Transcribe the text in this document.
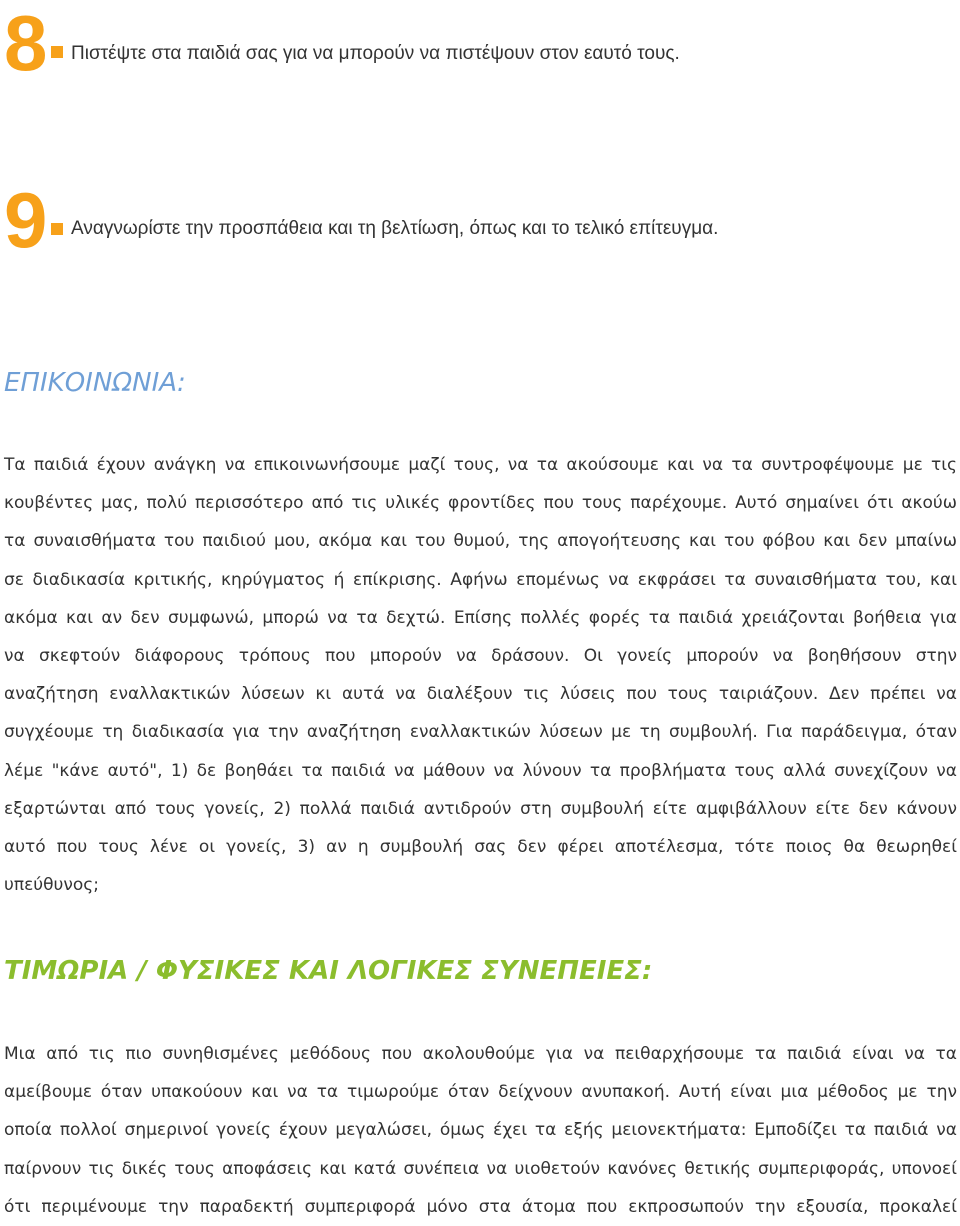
8 Πιστέψτε στα παιδιά σας για να μπορούν να πιστέψουν στον εαυτό τους.
9 Αναγνωρίστε την προσπάθεια και τη βελτίωση, όπως και το τελικό επίτευγμα.
ΕΠΙΚΟΙΝΩΝΙΑ:
Τα παιδιά έχουν ανάγκη να επικοινωνήσουμε μαζί τους, να τα ακούσουμε και να τα συντροφέψουμε με τις
κουβέντες μας, πολύ περισσότερο από τις υλικές φροντίδες που τους παρέχουμε. Αυτό σημαίνει ότι ακούω
τα συναισθήματα του παιδιού μου, ακόμα και του θυμού, της απογοήτευσης και του φόβου και δεν μπαίνω
σε διαδικασία κριτικής, κηρύγματος ή επίκρισης. Αφήνω επομένως να εκφράσει τα συναισθήματα του, και
ακόμα και αν δεν συμφωνώ, μπορώ να τα δεχτώ. Επίσης πολλές φορές τα παιδιά χρειάζονται βοήθεια για
να σκεφτούν διάφορους τρόπους που μπορούν να δράσουν. Οι γονείς μπορούν να βοηθήσουν στην
αναζήτηση εναλλακτικών λύσεων κι αυτά να διαλέξουν τις λύσεις που τους ταιριάζουν. Δεν πρέπει να
συγχέουμε τη διαδικασία για την αναζήτηση εναλλακτικών λύσεων με τη συμβουλή. Για παράδειγμα, όταν
λέμε "κάνε αυτό", 1) δε βοηθάει τα παιδιά να μάθουν να λύνουν τα προβλήματα τους αλλά συνεχίζουν να
εξαρτώνται από τους γονείς, 2) πολλά παιδιά αντιδρούν στη συμβουλή είτε αμφιβάλλουν είτε δεν κάνουν
αυτό που τους λένε οι γονείς, 3) αν η συμβουλή σας δεν φέρει αποτέλεσμα, τότε ποιος θα θεωρηθεί
υπεύθυνος;
ΤΙΜΩΡΙΑ / ΦΥΣΙΚΕΣ ΚΑΙ ΛΟΓΙΚΕΣ ΣΥΝΕΠΕΙΕΣ:
Μια από τις πιο συνηθισμένες μεθόδους που ακολουθούμε για να πειθαρχήσουμε τα παιδιά είναι να τα
αμείβουμε όταν υπακούουν και να τα τιμωρούμε όταν δείχνουν ανυπακοή. Αυτή είναι μια μέθοδος με την
οποία πολλοί σημερινοί γονείς έχουν μεγαλώσει, όμως έχει τα εξής μειονεκτήματα: Εμποδίζει τα παιδιά να
παίρνουν τις δικές τους αποφάσεις και κατά συνέπεια να υιοθετούν κανόνες θετικής συμπεριφοράς, υπονοεί
ότι περιμένουμε την παραδεκτή συμπεριφορά μόνο στα άτομα που εκπροσωπούν την εξουσία, προκαλεί
